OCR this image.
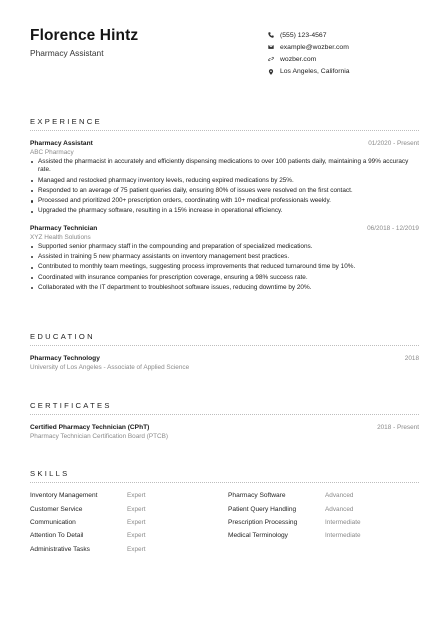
Florence Hintz
Pharmacy Assistant
(555) 123-4567
example@wozber.com
wozber.com
Los Angeles, California
EXPERIENCE
Pharmacy Assistant	01/2020 - Present
ABC Pharmacy
Assisted the pharmacist in accurately and efficiently dispensing medications to over 100 patients daily, maintaining a 99% accuracy rate.
Managed and restocked pharmacy inventory levels, reducing expired medications by 25%.
Responded to an average of 75 patient queries daily, ensuring 80% of issues were resolved on the first contact.
Processed and prioritized 200+ prescription orders, coordinating with 10+ medical professionals weekly.
Upgraded the pharmacy software, resulting in a 15% increase in operational efficiency.
Pharmacy Technician	06/2018 - 12/2019
XYZ Health Solutions
Supported senior pharmacy staff in the compounding and preparation of specialized medications.
Assisted in training 5 new pharmacy assistants on inventory management best practices.
Contributed to monthly team meetings, suggesting process improvements that reduced turnaround time by 10%.
Coordinated with insurance companies for prescription coverage, ensuring a 98% success rate.
Collaborated with the IT department to troubleshoot software issues, reducing downtime by 20%.
EDUCATION
Pharmacy Technology	2018
University of Los Angeles - Associate of Applied Science
CERTIFICATES
Certified Pharmacy Technician (CPhT)	2018 - Present
Pharmacy Technician Certification Board (PTCB)
SKILLS
Inventory Management	Expert
Customer Service	Expert
Communication	Expert
Attention To Detail	Expert
Administrative Tasks	Expert
Pharmacy Software	Advanced
Patient Query Handling	Advanced
Prescription Processing	Intermediate
Medical Terminology	Intermediate
